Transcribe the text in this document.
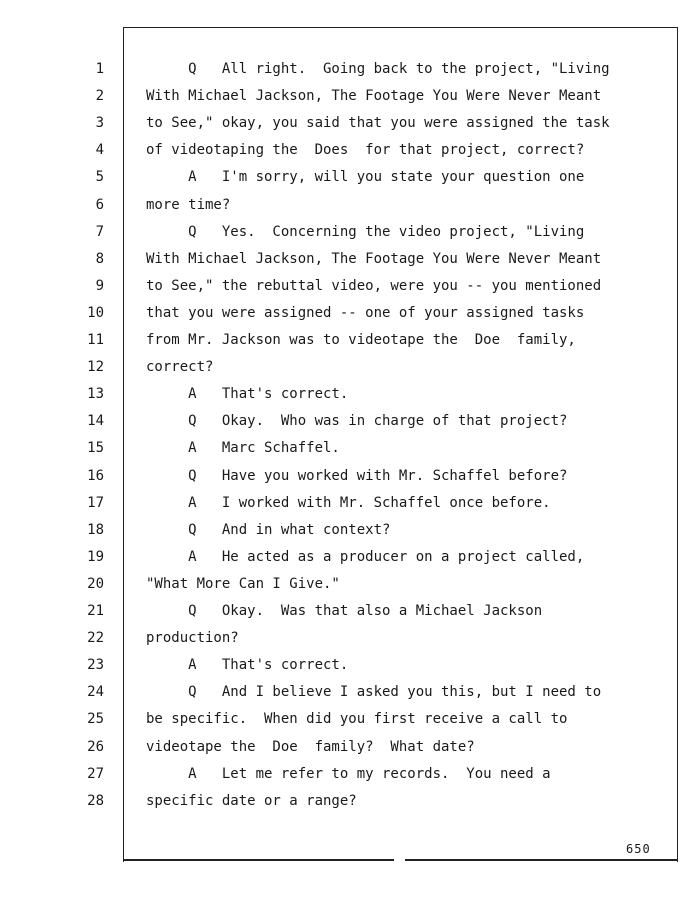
1
2
3
4
5
6
7
8
9
10
11
12
13
14
15
16
17
18
19
20
21
22
23
24
25
26
27
28
Q   All right.  Going back to the project, "Living
With Michael Jackson, The Footage You Were Never Meant
to See," okay, you said that you were assigned the task
of videotaping the  Does  for that project, correct?
A   I'm sorry, will you state your question one
more time?
Q   Yes.  Concerning the video project, "Living
With Michael Jackson, The Footage You Were Never Meant
to See," the rebuttal video, were you -- you mentioned
that you were assigned -- one of your assigned tasks
from Mr. Jackson was to videotape the  Doe  family,
correct?
A   That's correct.
Q   Okay.  Who was in charge of that project?
A   Marc Schaffel.
Q   Have you worked with Mr. Schaffel before?
A   I worked with Mr. Schaffel once before.
Q   And in what context?
A   He acted as a producer on a project called,
"What More Can I Give."
Q   Okay.  Was that also a Michael Jackson
production?
A   That's correct.
Q   And I believe I asked you this, but I need to
be specific.  When did you first receive a call to
videotape the  Doe  family?  What date?
A   Let me refer to my records.  You need a
specific date or a range?
650
